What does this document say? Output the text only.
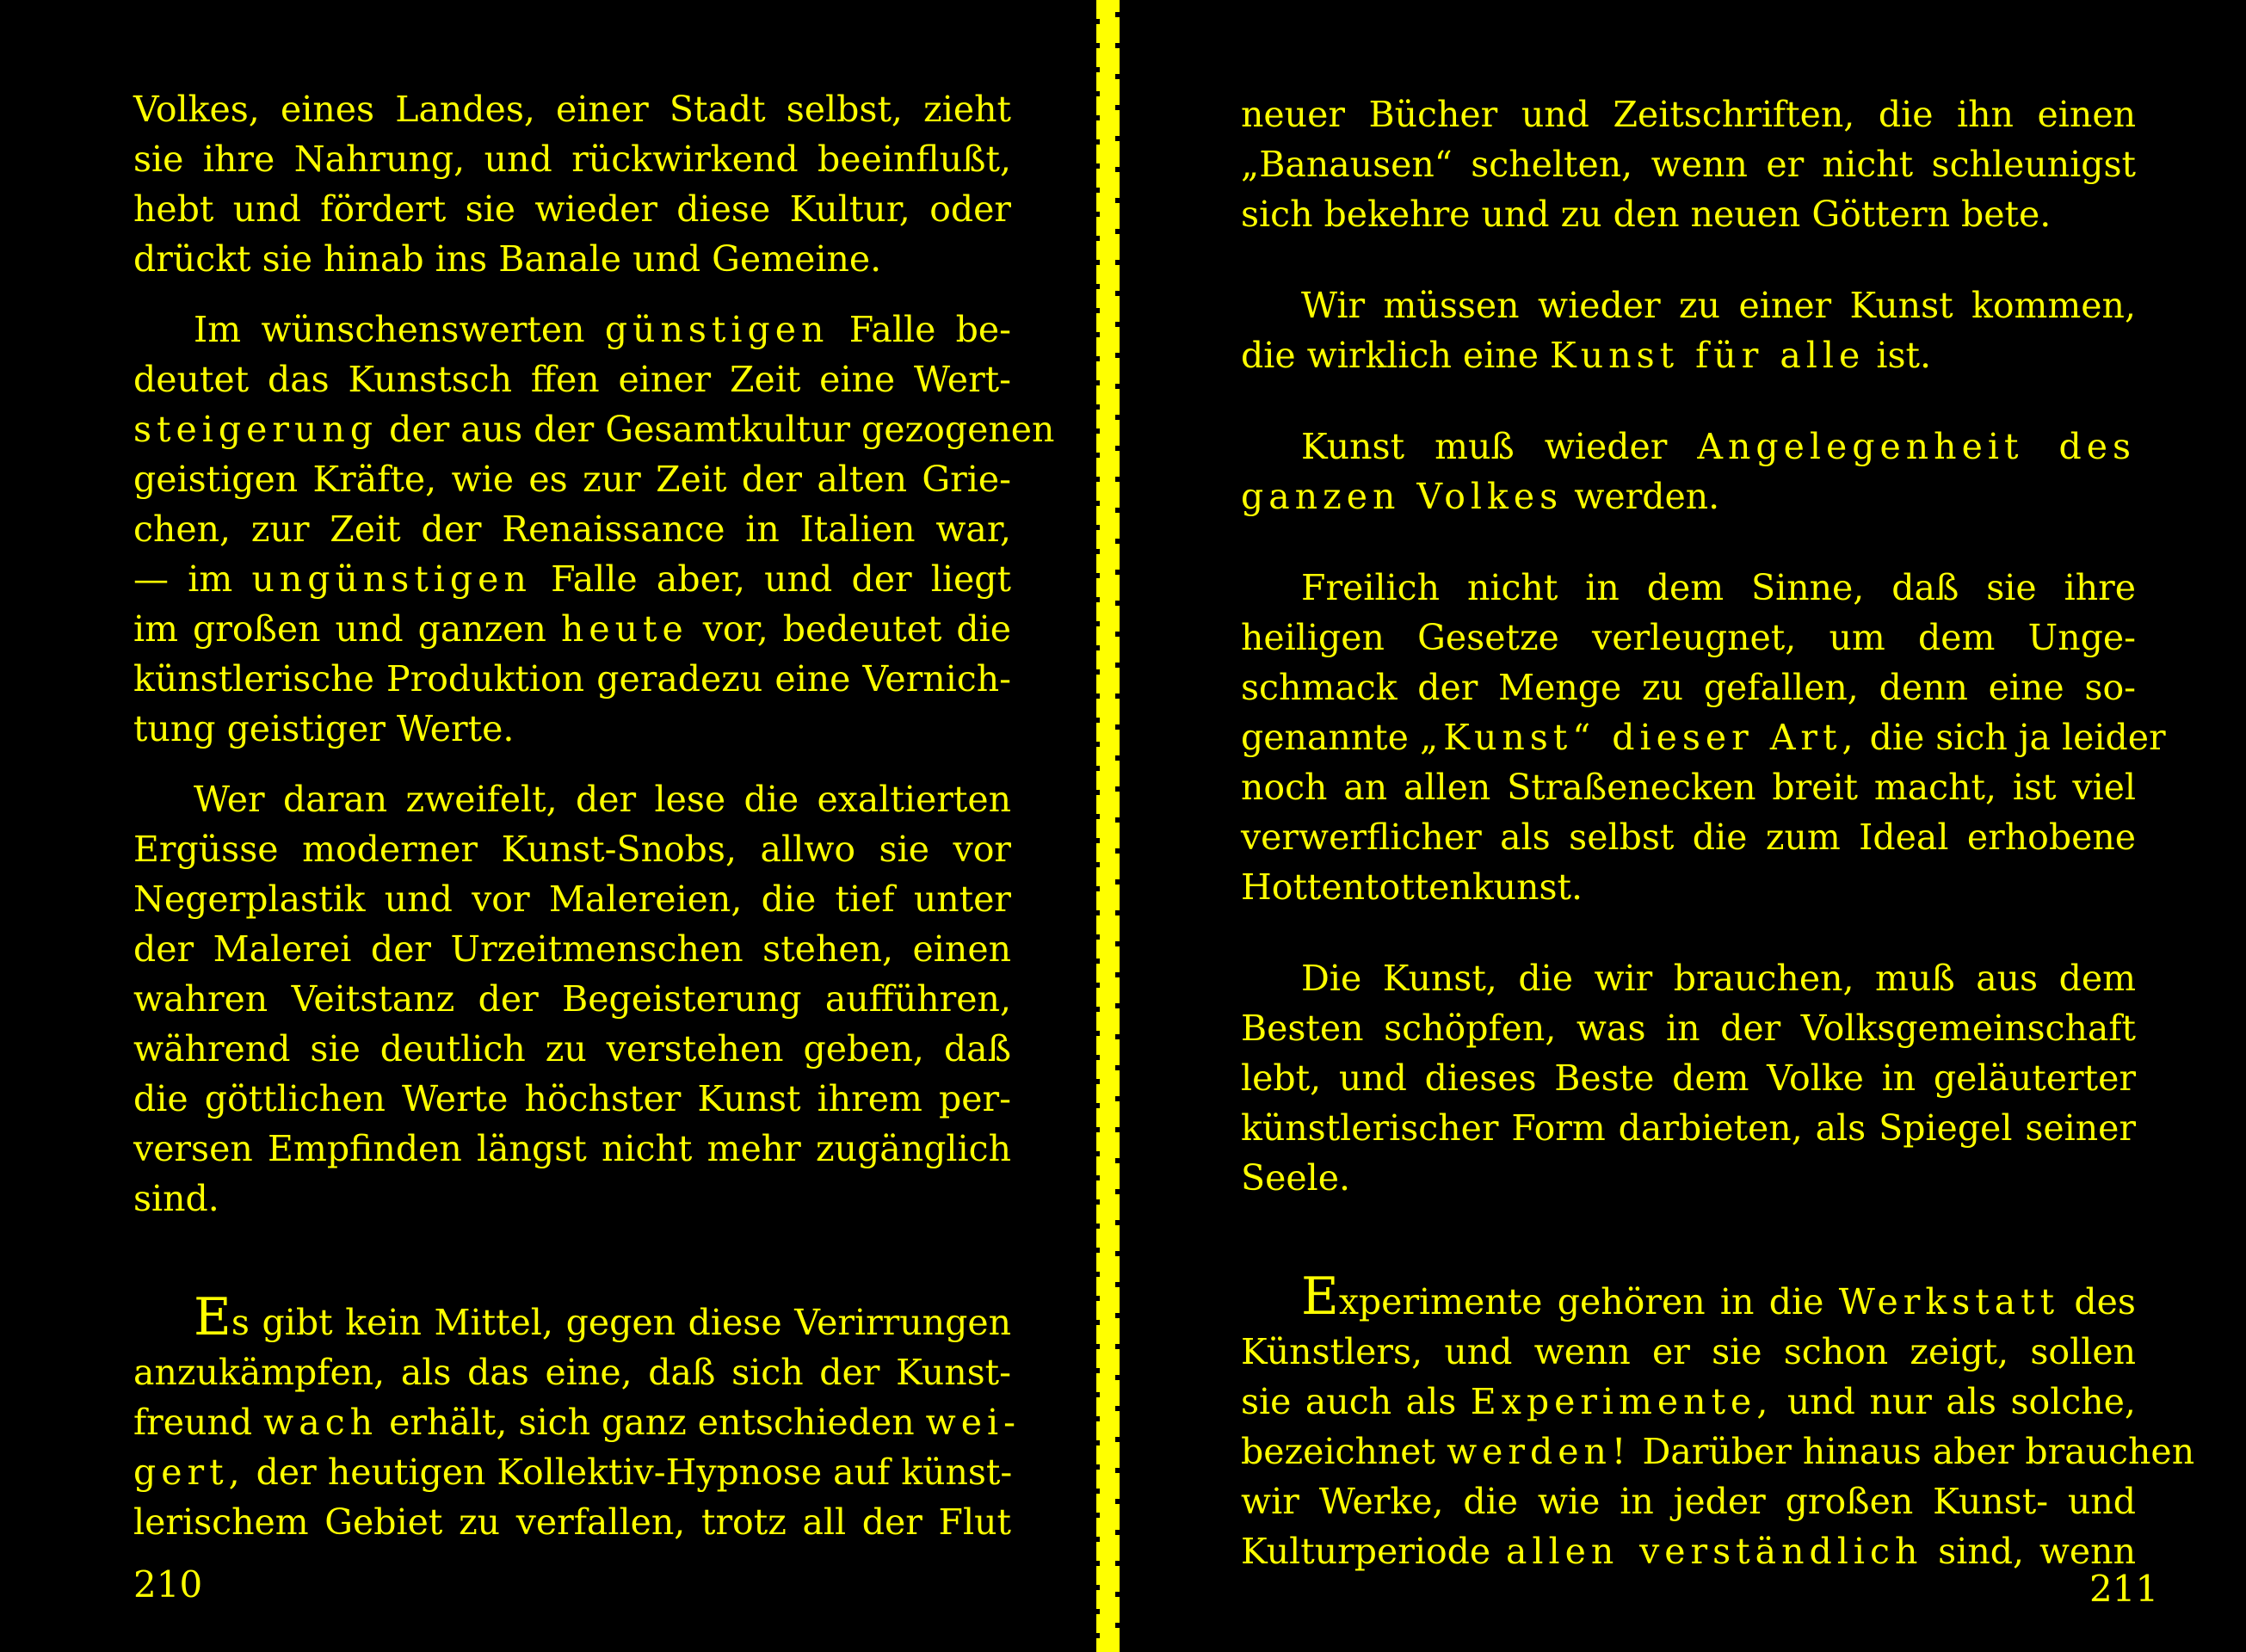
Volkes, eines Landes, einer Stadt selbst, zieht
sie ihre Nahrung, und rückwirkend beeinflußt,
hebt und fördert sie wieder diese Kultur, oder
drückt sie hinab ins Banale und Gemeine.
Im wünschenswerten günstigen Falle be-
deutet das Kunstsch ffen einer Zeit eine Wert-
steigerung der aus der Gesamtkultur gezogenen
geistigen Kräfte, wie es zur Zeit der alten Grie-
chen, zur Zeit der Renaissance in Italien war,
— im ungünstigen Falle aber, und der liegt
im großen und ganzen heute vor, bedeutet die
künstlerische Produktion geradezu eine Vernich-
tung geistiger Werte.
Wer daran zweifelt, der lese die exaltierten
Ergüsse moderner Kunst-Snobs, allwo sie vor
Negerplastik und vor Malereien, die tief unter
der Malerei der Urzeitmenschen stehen, einen
wahren Veitstanz der Begeisterung aufführen,
während sie deutlich zu verstehen geben, daß
die göttlichen Werte höchster Kunst ihrem per-
versen Empfinden längst nicht mehr zugänglich
sind.
Es gibt kein Mittel, gegen diese Verirrungen
anzukämpfen, als das eine, daß sich der Kunst-
freund wach erhält, sich ganz entschieden wei-
gert, der heutigen Kollektiv-Hypnose auf künst-
lerischem Gebiet zu verfallen, trotz all der Flut
210
neuer Bücher und Zeitschriften, die ihn einen
„Banausen“ schelten, wenn er nicht schleunigst
sich bekehre und zu den neuen Göttern bete.
Wir müssen wieder zu einer Kunst kommen,
die wirklich eine Kunst für alle ist.
Kunst muß wieder Angelegenheit des
ganzen Volkes werden.
Freilich nicht in dem Sinne, daß sie ihre
heiligen Gesetze verleugnet, um dem Unge-
schmack der Menge zu gefallen, denn eine so-
genannte „Kunst“ dieser Art, die sich ja leider
noch an allen Straßenecken breit macht, ist viel
verwerflicher als selbst die zum Ideal erhobene
Hottentottenkunst.
Die Kunst, die wir brauchen, muß aus dem
Besten schöpfen, was in der Volksgemeinschaft
lebt, und dieses Beste dem Volke in geläuterter
künstlerischer Form darbieten, als Spiegel seiner
Seele.
Experimente gehören in die Werkstatt des
Künstlers, und wenn er sie schon zeigt, sollen
sie auch als Experimente, und nur als solche,
bezeichnet werden! Darüber hinaus aber brauchen
wir Werke, die wie in jeder großen Kunst- und
Kulturperiode allen verständlich sind, wenn
211
